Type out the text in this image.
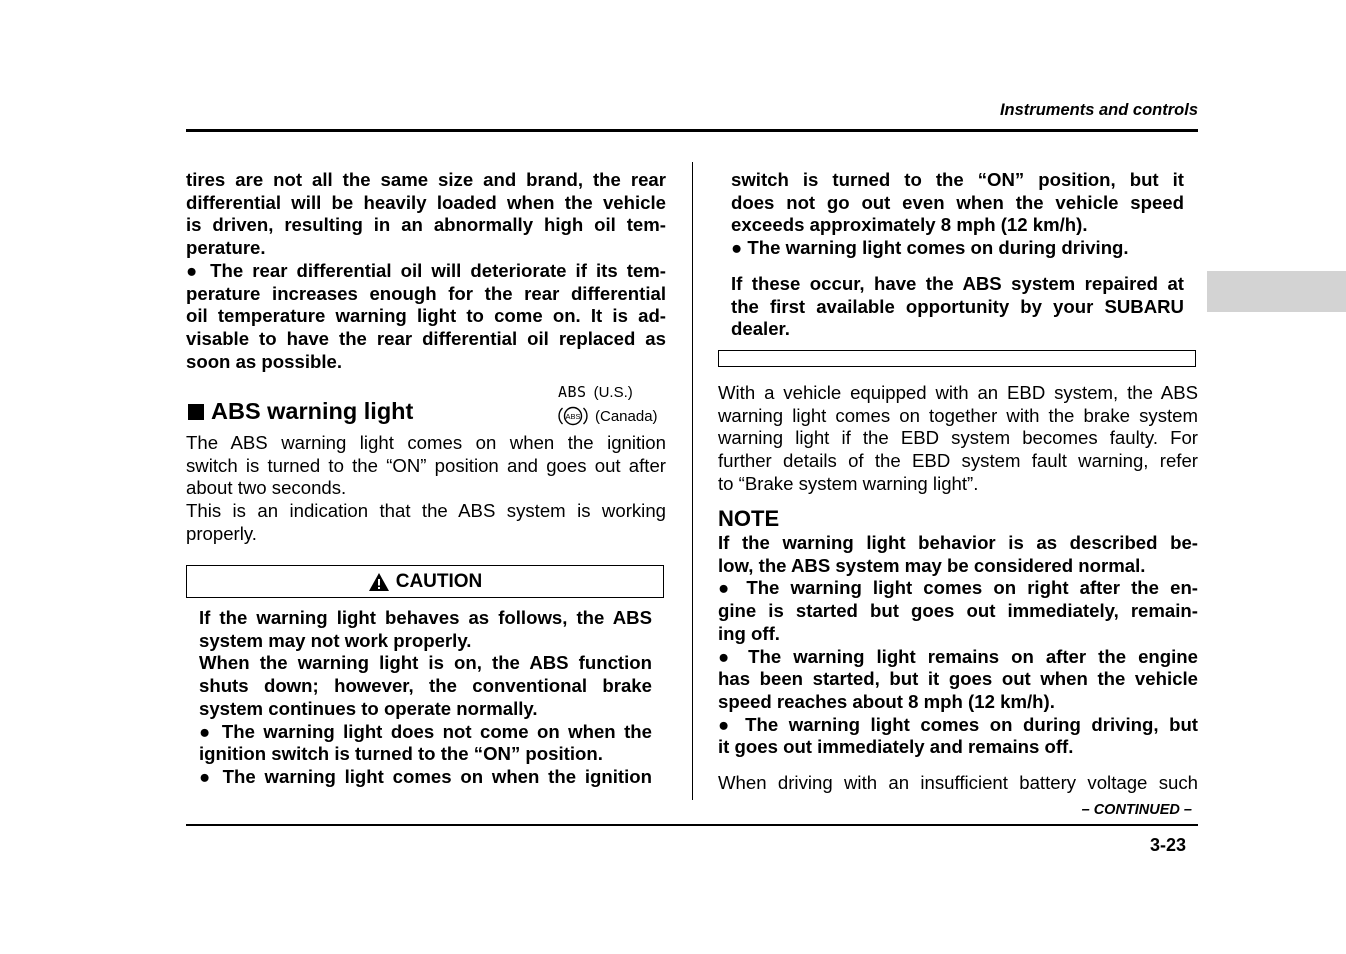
Instruments and controls

tires are not all the same size and brand, the rear

differential will be heavily loaded when the vehicle

is driven, resulting in an abnormally high oil tem-

perature.

● The rear differential oil will deteriorate if its tem-

perature increases enough for the rear differential

oil temperature warning light to come on. It is ad-

visable to have the rear differential oil replaced as

soon as possible.

ABS warning light
ABS (U.S.)
ABS (Canada)

The ABS warning light comes on when the ignition

switch is turned to the “ON” position and goes out after

about two seconds.

This is an indication that the ABS system is working

properly.

CAUTION

If the warning light behaves as follows, the ABS

system may not work properly.

When the warning light is on, the ABS function

shuts down; however, the conventional brake

system continues to operate normally.

● The warning light does not come on when the

ignition switch is turned to the “ON” position.

● The warning light comes on when the ignition

switch is turned to the “ON” position, but it

does not go out even when the vehicle speed

exceeds approximately 8 mph (12 km/h).

● The warning light comes on during driving.

If these occur, have the ABS system repaired at

the first available opportunity by your SUBARU

dealer.

With a vehicle equipped with an EBD system, the ABS

warning light comes on together with the brake system

warning light if the EBD system becomes faulty. For

further details of the EBD system fault warning, refer

to “Brake system warning light”.

NOTE

If the warning light behavior is as described be-

low, the ABS system may be considered normal.

● The warning light comes on right after the en-

gine is started but goes out immediately, remain-

ing off.

● The warning light remains on after the engine

has been started, but it goes out when the vehicle

speed reaches about 8 mph (12 km/h).

● The warning light comes on during driving, but

it goes out immediately and remains off.

When driving with an insufficient battery voltage such

– CONTINUED –
3-23
